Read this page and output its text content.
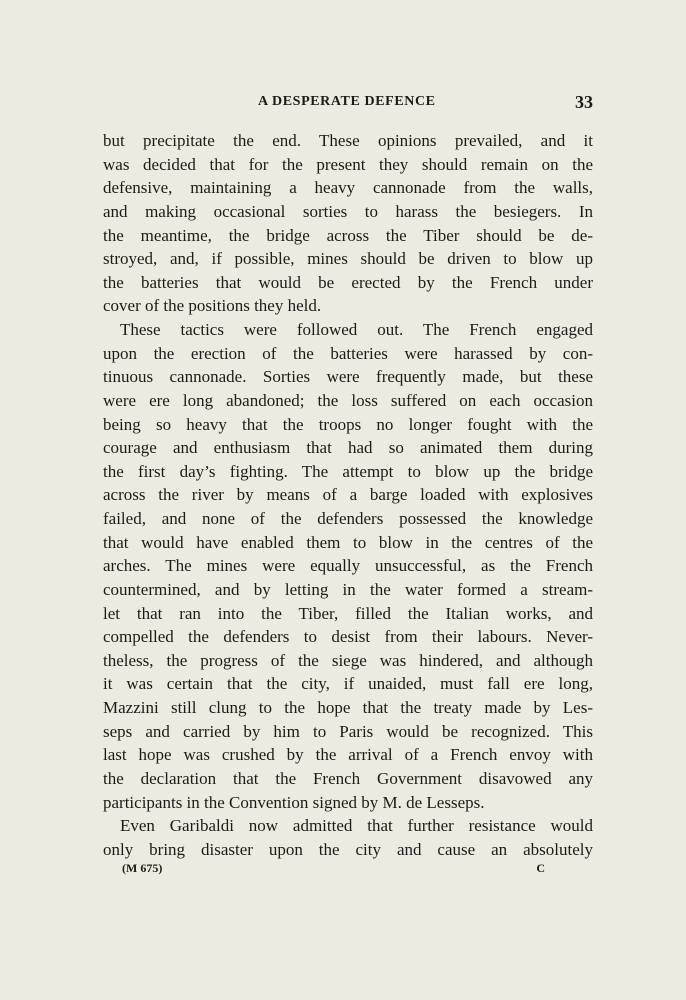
A DESPERATE DEFENCE	33
but precipitate the end. These opinions prevailed, and it
was decided that for the present they should remain on the
defensive, maintaining a heavy cannonade from the walls,
and making occasional sorties to harass the besiegers. In
the meantime, the bridge across the Tiber should be de-
stroyed, and, if possible, mines should be driven to blow up
the batteries that would be erected by the French under
cover of the positions they held.
These tactics were followed out. The French engaged
upon the erection of the batteries were harassed by con-
tinuous cannonade. Sorties were frequently made, but these
were ere long abandoned; the loss suffered on each occasion
being so heavy that the troops no longer fought with the
courage and enthusiasm that had so animated them during
the first day’s fighting. The attempt to blow up the bridge
across the river by means of a barge loaded with explosives
failed, and none of the defenders possessed the knowledge
that would have enabled them to blow in the centres of the
arches. The mines were equally unsuccessful, as the French
countermined, and by letting in the water formed a stream-
let that ran into the Tiber, filled the Italian works, and
compelled the defenders to desist from their labours. Never-
theless, the progress of the siege was hindered, and although
it was certain that the city, if unaided, must fall ere long,
Mazzini still clung to the hope that the treaty made by Les-
seps and carried by him to Paris would be recognized. This
last hope was crushed by the arrival of a French envoy with
the declaration that the French Government disavowed any
participants in the Convention signed by M. de Lesseps.
Even Garibaldi now admitted that further resistance would
only bring disaster upon the city and cause an absolutely
(M 675)	C
